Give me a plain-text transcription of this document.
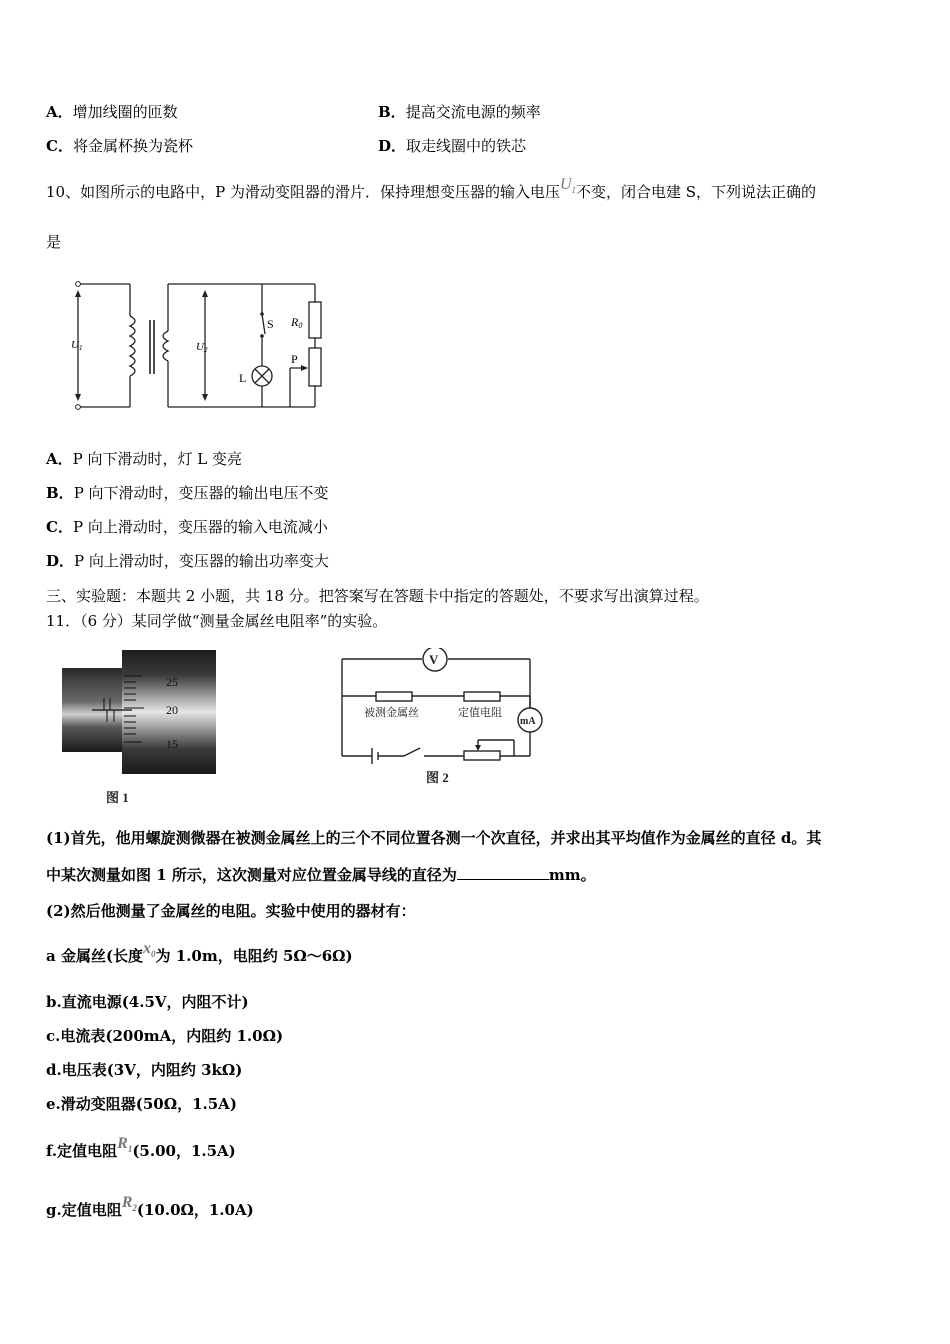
A．增加线圈的匝数	B．提高交流电源的频率
C．将金属杯换为瓷杯	D．取走线圈中的铁芯
10、如图所示的电路中，P 为滑动变阻器的滑片．保持理想变压器的输入电压$U_1$不变，闭合电建 S，下列说法正确的
是
U1	U2
S R0
P
L
A．P 向下滑动时，灯 L 变亮
B．P 向下滑动时，变压器的输出电压不变
C．P 向上滑动时，变压器的输入电流减小
D．P 向上滑动时，变压器的输出功率变大
三、实验题：本题共 2 小题，共 18 分。把答案写在答题卡中指定的答题处，不要求写出演算过程。
11．（6 分）某同学做“测量金属丝电阻率”的实验。
25
20
15
图 1
V
mA
被测金属丝	定值电阻
图 2
(1)首先，他用螺旋测微器在被测金属丝上的三个不同位置各测一个次直径，并求出其平均值作为金属丝的直径 d。其
中某次测量如图 1 所示，这次测量对应位置金属导线的直径为	mm。
(2)然后他测量了金属丝的电阻。实验中使用的器材有：
a 金属丝(长度$x_0$为 1.0m，电阻约 5Ω～6Ω)
b.直流电源(4.5V，内阻不计)
c.电流表(200mA，内阻约 1.0Ω)
d.电压表(3V，内阻约 3kΩ)
e.滑动变阻器(50Ω，1.5A)
f.定值电阻$R_1(5.00$，1.5A)
g.定值电阻$R_2(10.0\Omega$，1.0A)
